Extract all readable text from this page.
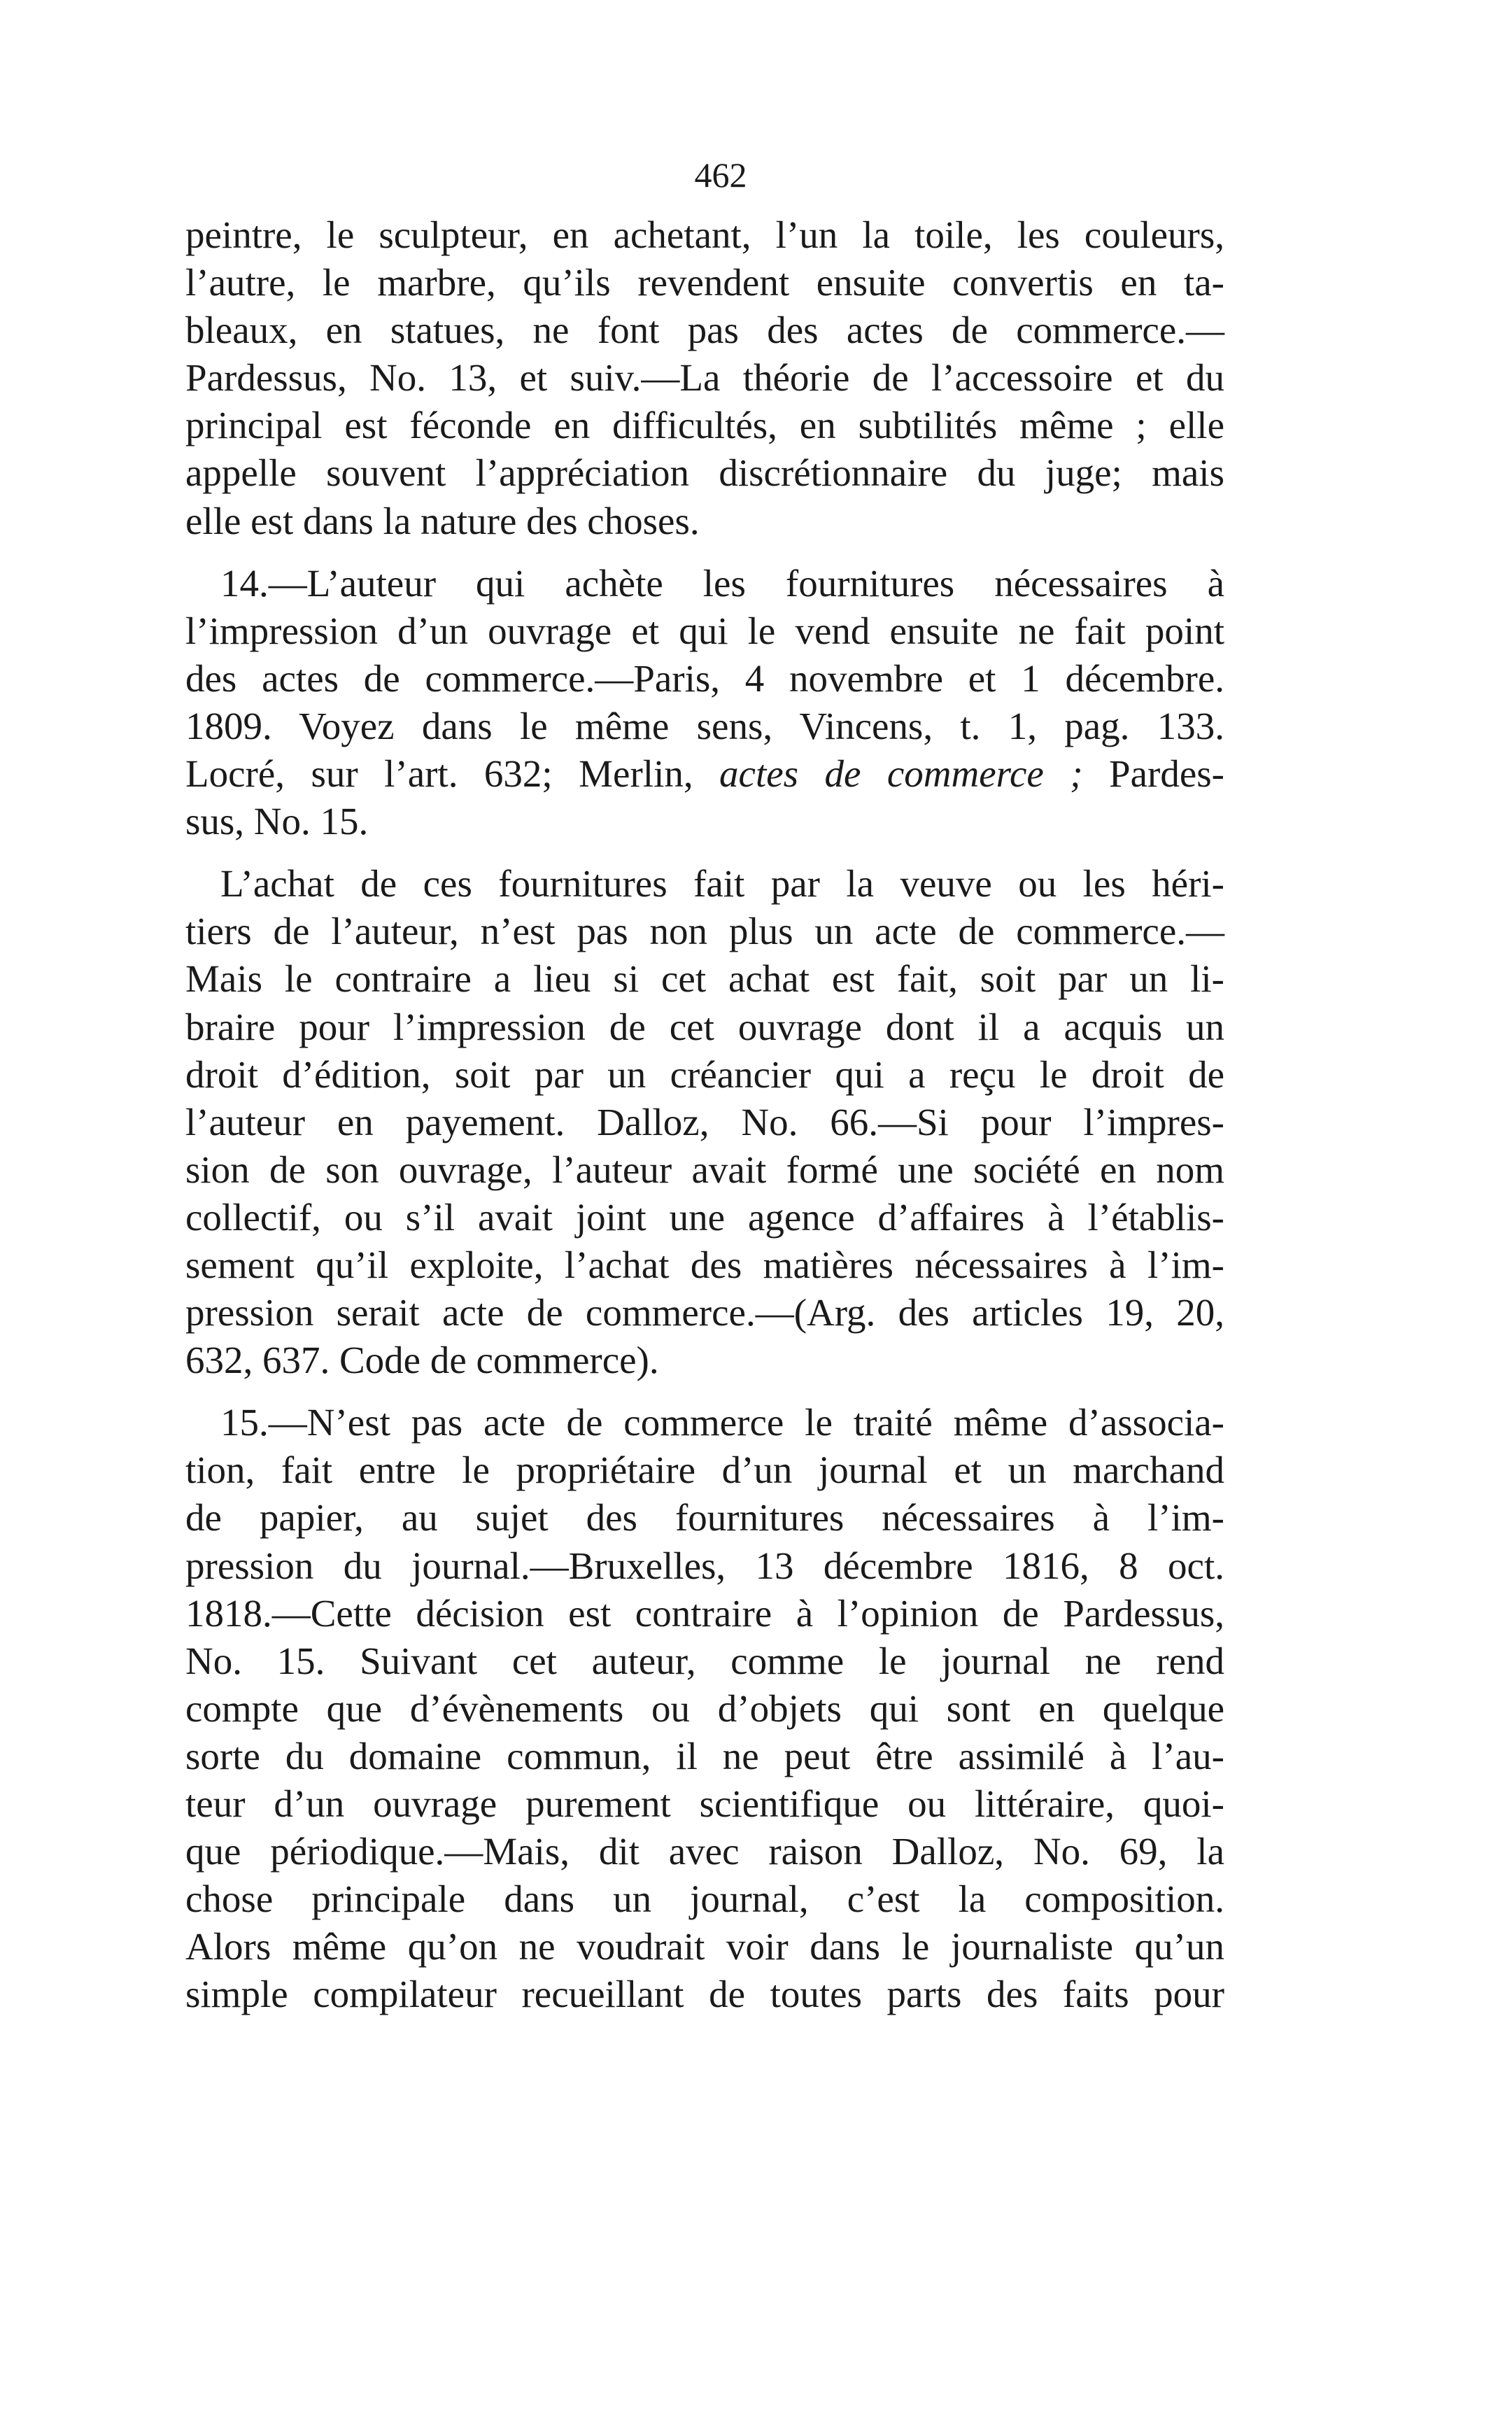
462
peintre, le sculpteur, en achetant, l’un la toile, les couleurs,
l’autre, le marbre, qu’ils revendent ensuite convertis en ta-
bleaux, en statues, ne font pas des actes de commerce.—
Pardessus, No. 13, et suiv.—La théorie de l’accessoire et du
principal est féconde en difficultés, en subtilités même ; elle
appelle souvent l’appréciation discrétionnaire du juge; mais
elle est dans la nature des choses.
14.—L’auteur qui achète les fournitures nécessaires à
l’impression d’un ouvrage et qui le vend ensuite ne fait point
des actes de commerce.—Paris, 4 novembre et 1 décembre.
1809. Voyez dans le même sens, Vincens, t. 1, pag. 133.
Locré, sur l’art. 632; Merlin, actes de commerce ; Pardes-
sus, No. 15.
L’achat de ces fournitures fait par la veuve ou les héri-
tiers de l’auteur, n’est pas non plus un acte de commerce.—
Mais le contraire a lieu si cet achat est fait, soit par un li-
braire pour l’impression de cet ouvrage dont il a acquis un
droit d’édition, soit par un créancier qui a reçu le droit de
l’auteur en payement. Dalloz, No. 66.—Si pour l’impres-
sion de son ouvrage, l’auteur avait formé une société en nom
collectif, ou s’il avait joint une agence d’affaires à l’établis-
sement qu’il exploite, l’achat des matières nécessaires à l’im-
pression serait acte de commerce.—(Arg. des articles 19, 20,
632, 637. Code de commerce).
15.—N’est pas acte de commerce le traité même d’associa-
tion, fait entre le propriétaire d’un journal et un marchand
de papier, au sujet des fournitures nécessaires à l’im-
pression du journal.—Bruxelles, 13 décembre 1816, 8 oct.
1818.—Cette décision est contraire à l’opinion de Pardessus,
No. 15. Suivant cet auteur, comme le journal ne rend
compte que d’évènements ou d’objets qui sont en quelque
sorte du domaine commun, il ne peut être assimilé à l’au-
teur d’un ouvrage purement scientifique ou littéraire, quoi-
que périodique.—Mais, dit avec raison Dalloz, No. 69, la
chose principale dans un journal, c’est la composition.
Alors même qu’on ne voudrait voir dans le journaliste qu’un
simple compilateur recueillant de toutes parts des faits pour
